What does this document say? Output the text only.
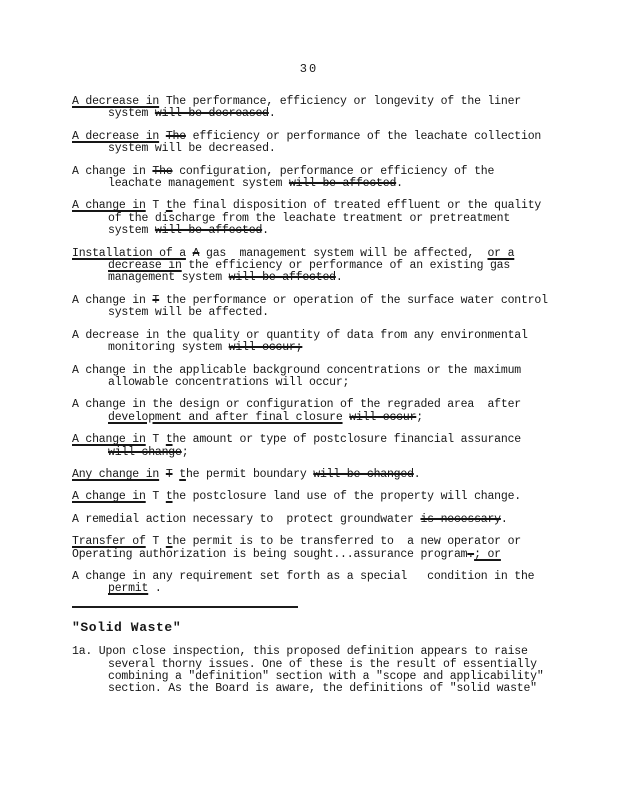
30
A decrease in The performance, efficiency or longevity of the liner
system will be decreased.
A decrease in The efficiency or performance of the leachate collection
system will be decreased.
A change in The configuration, performance or efficiency of the
leachate management system will be affected.
A change in T the final disposition of treated effluent or the quality
of the discharge from the leachate treatment or pretreatment
system will be affected.
Installation of a A gas  management system will be affected,  or a
decrease in the efficiency or performance of an existing gas
management system will be affected.
A change in T the performance or operation of the surface water control
system will be affected.
A decrease in the quality or quantity of data from any environmental
monitoring system will occur;
A change in the applicable background concentrations or the maximum
allowable concentrations will occur;
A change in the design or configuration of the regraded area  after
development and after final closure will occur;
A change in T the amount or type of postclosure financial assurance
will change;
Any change in T the permit boundary will be changed.
A change in T the postclosure land use of the property will change.
A remedial action necessary to  protect groundwater is necessary.
Transfer of T the permit is to be transferred to  a new operator or
Operating authorization is being sought...assurance program.; or
A change in any requirement set forth as a special   condition in the
permit .
"Solid Waste"
1a. Upon close inspection, this proposed definition appears to raise
several thorny issues. One of these is the result of essentially
combining a "definition" section with a "scope and applicability"
section. As the Board is aware, the definitions of "solid waste"
